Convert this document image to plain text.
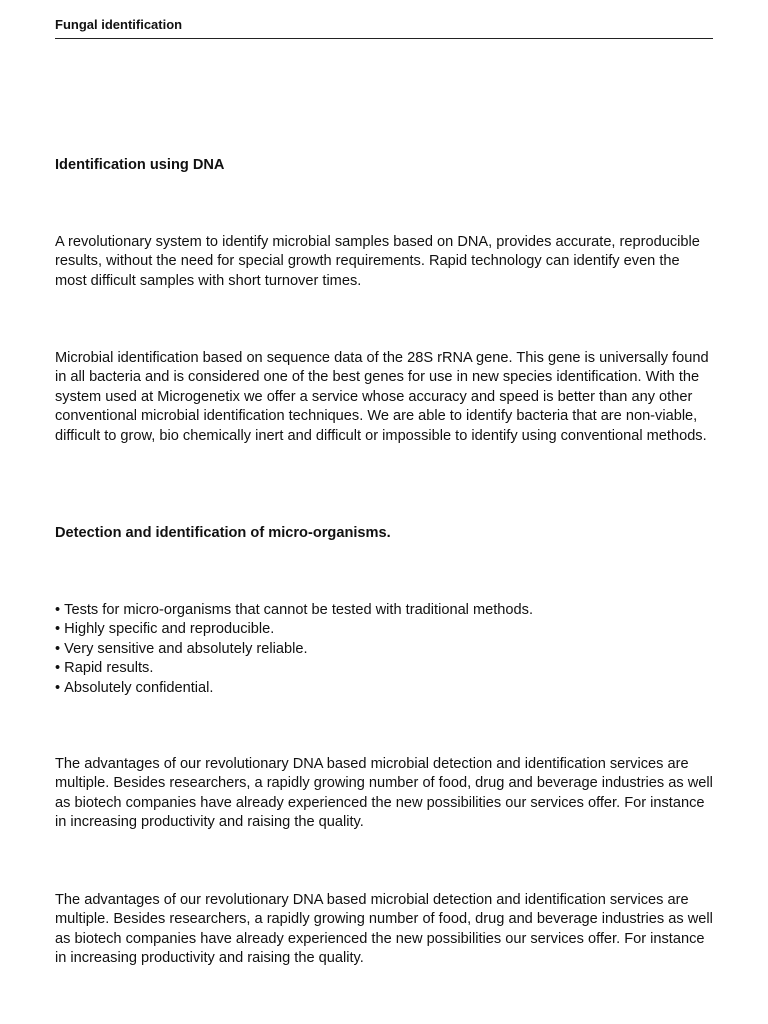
Fungal identification

Identification using DNA

A revolutionary system to identify microbial samples based on DNA, provides accurate, reproducible results, without the need for special growth requirements. Rapid technology can identify even the most difficult samples with short turnover times.

Microbial identification based on sequence data of the 28S rRNA gene. This gene is universally found in all bacteria and is considered one of the best genes for use in new species identification. With the system used at Microgenetix we offer a service whose accuracy and speed is better than any other conventional microbial identification techniques. We are able to identify bacteria that are non-viable, difficult to grow, bio chemically inert and difficult or impossible to identify using conventional methods.

Detection and identification of micro-organisms.

• Tests for micro-organisms that cannot be tested with traditional methods.
• Highly specific and reproducible.
• Very sensitive and absolutely reliable.
• Rapid results.
• Absolutely confidential.

The advantages of our revolutionary DNA based microbial detection and identification services are multiple. Besides researchers, a rapidly growing number of food, drug and beverage industries as well as biotech companies have already experienced the new possibilities our services offer. For instance in increasing productivity and raising the quality.

The advantages of our revolutionary DNA based microbial detection and identification services are multiple. Besides researchers, a rapidly growing number of food, drug and beverage industries as well as biotech companies have already experienced the new possibilities our services offer. For instance in increasing productivity and raising the quality.
